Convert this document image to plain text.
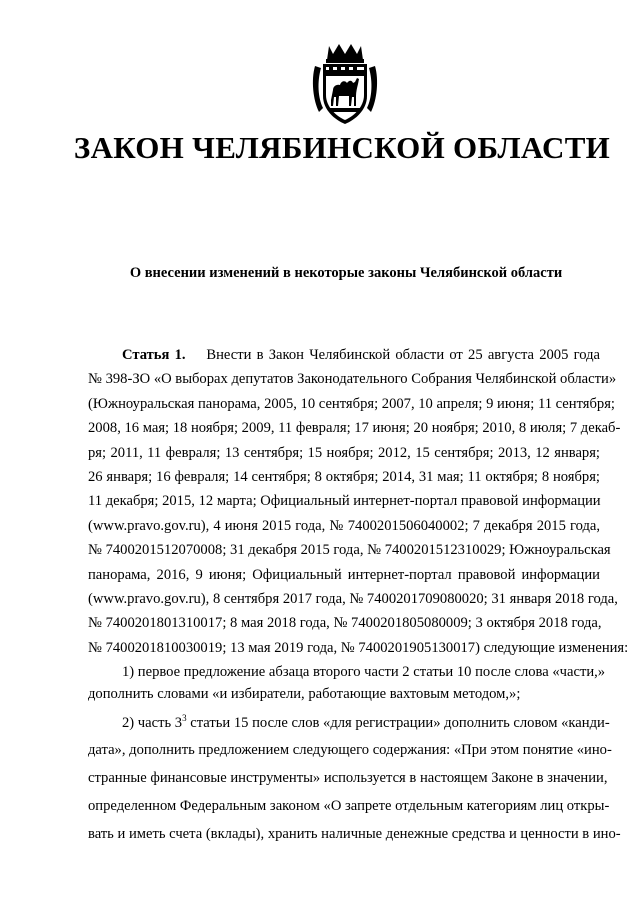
ЗАКОН ЧЕЛЯБИНСКОЙ ОБЛАСТИ
О внесении изменений в некоторые законы Челябинской области
Статья 1. Внести в Закон Челябинской области от 25 августа 2005 года
№ 398-ЗО «О выборах депутатов Законодательного Собрания Челябинской области»
(Южноуральская панорама, 2005, 10 сентября; 2007, 10 апреля; 9 июня; 11 сентября;
2008, 16 мая; 18 ноября; 2009, 11 февраля; 17 июня; 20 ноября; 2010, 8 июля; 7 декаб-
ря; 2011, 11 февраля; 13 сентября; 15 ноября; 2012, 15 сентября; 2013, 12 января;
26 января; 16 февраля; 14 сентября; 8 октября; 2014, 31 мая; 11 октября; 8 ноября;
11 декабря; 2015, 12 марта; Официальный интернет-портал правовой информации
(www.pravo.gov.ru), 4 июня 2015 года, № 7400201506040002; 7 декабря 2015 года,
№ 7400201512070008; 31 декабря 2015 года, № 7400201512310029; Южноуральская
панорама, 2016, 9 июня; Официальный интернет-портал правовой информации
(www.pravo.gov.ru), 8 сентября 2017 года, № 7400201709080020; 31 января 2018 года,
№ 7400201801310017; 8 мая 2018 года, № 7400201805080009; 3 октября 2018 года,
№ 7400201810030019; 13 мая 2019 года, № 7400201905130017) следующие изменения:
1) первое предложение абзаца второго части 2 статьи 10 после слова «части,»
дополнить словами «и избиратели, работающие вахтовым методом,»;
2) часть $3^3$ статьи 15 после слов «для регистрации» дополнить словом «канди-
дата», дополнить предложением следующего содержания: «При этом понятие «ино-
странные финансовые инструменты» используется в настоящем Законе в значении,
определенном Федеральным законом «О запрете отдельным категориям лиц откры-
вать и иметь счета (вклады), хранить наличные денежные средства и ценности в ино-
